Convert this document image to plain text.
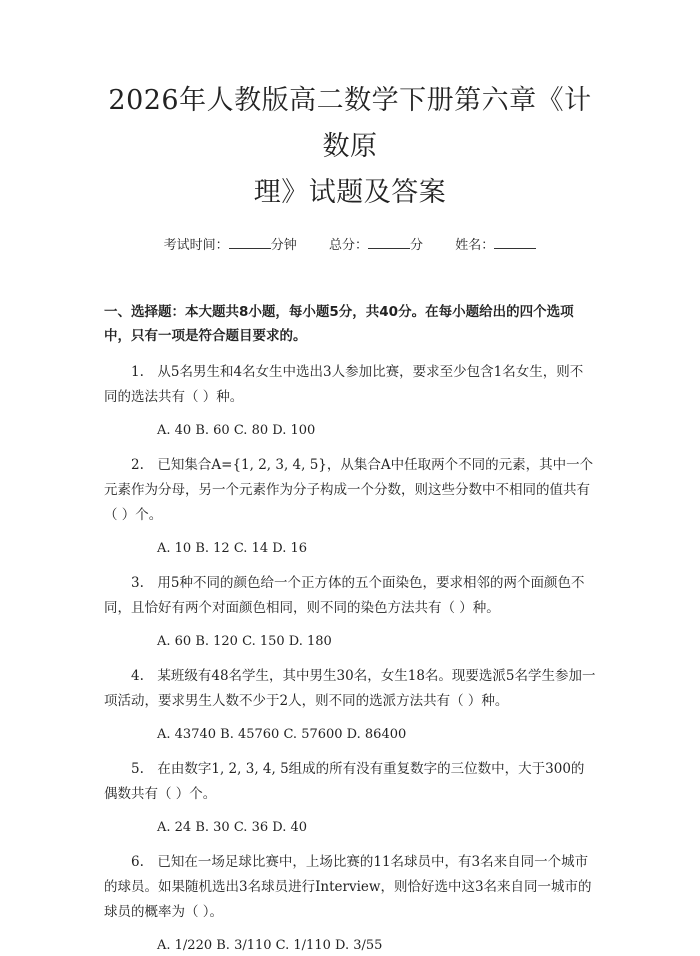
2026年人教版高二数学下册第六章《计数原
理》试题及答案
考试时间：	分钟 总分：	分 姓名：
一、选择题：本大题共8小题，每小题5分，共40分。在每小题给出的四个选项中，只有一项是符合题目要求的。
1.　从5名男生和4名女生中选出3人参加比赛，要求至少包含1名女生，则不同的选法共有（ ）种。
A. 40 B. 60 C. 80 D. 100
2.　已知集合A={1, 2, 3, 4, 5}，从集合A中任取两个不同的元素，其中一个元素作为分母，另一个元素作为分子构成一个分数，则这些分数中不相同的值共有（ ）个。
A. 10 B. 12 C. 14 D. 16
3.　用5种不同的颜色给一个正方体的五个面染色，要求相邻的两个面颜色不同，且恰好有两个对面颜色相同，则不同的染色方法共有（ ）种。
A. 60 B. 120 C. 150 D. 180
4.　某班级有48名学生，其中男生30名，女生18名。现要选派5名学生参加一项活动，要求男生人数不少于2人，则不同的选派方法共有（ ）种。
A. 43740 B. 45760 C. 57600 D. 86400
5.　在由数字1, 2, 3, 4, 5组成的所有没有重复数字的三位数中，大于300的偶数共有（ ）个。
A. 24 B. 30 C. 36 D. 40
6.　已知在一场足球比赛中，上场比赛的11名球员中，有3名来自同一个城市的球员。如果随机选出3名球员进行Interview，则恰好选中这3名来自同一城市的球员的概率为（ ）。
A. 1/220 B. 3/110 C. 1/110 D. 3/55
